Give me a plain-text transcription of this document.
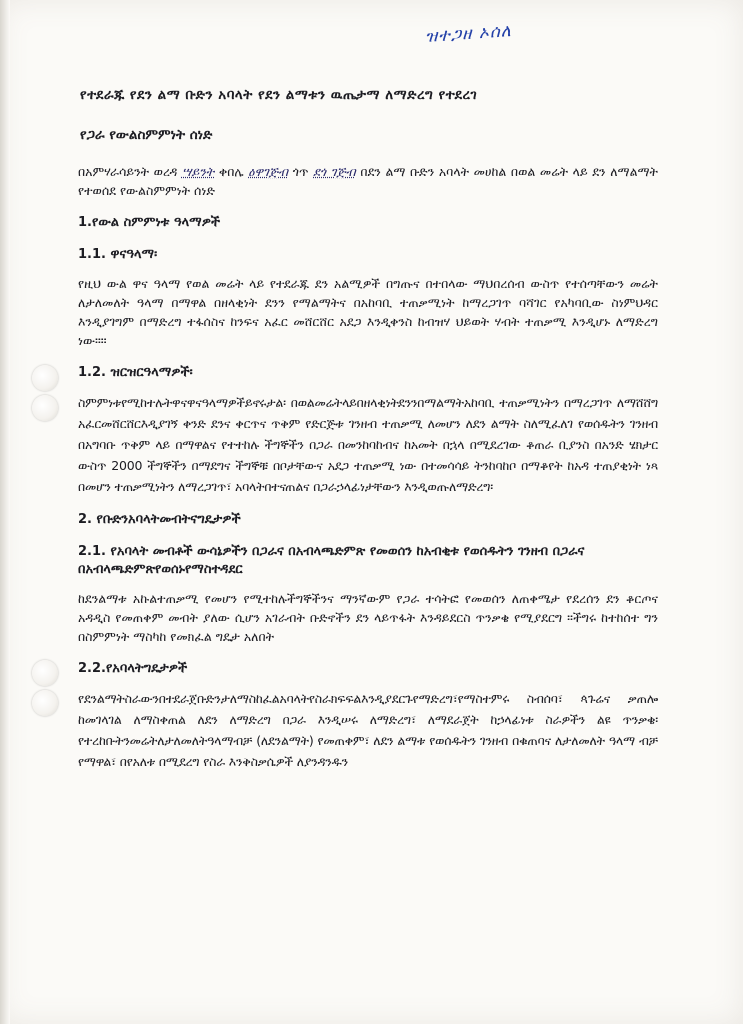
ዝተጋዘ ኦሰለ
የተደራጁ የደን ልማ ቡድን አባላት የደን ልማቱን ዉጤታማ ለማድረግ የተደረገ
የጋራ የውልስምምነት ሰነድ
በአምሃራሳይንት ወረዳ ሣይንት ቀበሌ ዕዋገጅብ ጎጥ ደጎ ገጅብ በደን ልማ ቡድን አባላት መሀከል በወል መሬት ላይ ደን ለማልማት የተወሰደ የውልስምምነት ሰነድ
1.የውል ስምምነቱ ዓላማዎች
1.1. ዋናዓላማ፡
የዚህ ውል ዋና ዓላማ የወል መሬት ላይ የተደራጁ ደን አልሚዎች በግጡና በተበላው ማህበረሰብ ውስጥ የተሰጣቸውን መሬት ለታለመለት ዓላማ በማዋል በዘላቂነት ደንን የማልማትና በአከባቢ ተጠቃሚነት ከማረጋገጥ ባሻገር የአካባቢው ስነምህዳር እንዲያገግም በማድረግ ተፋሰስና ከንፍና አፈር መሸርሸር አደጋ እንዲቀንስ ከብዝሃ ህይወት ሃብት ተጠቃሚ እንዲሆኑ ለማድረግ ነው።።
1.2. ዝርዝርዓላማዎች፡
ስምምነቱየሚከተሉትዋናዋናዓላማዎችይኖሩታል፡ በወልመሬትላይበዘላቂነትደንንበማልማትአከባቢ ተጠቃሚነትን በማረጋገጥ ለማሸሸግ አፈርመሸርሸርእዲያገኝ ቀንድ ደንና ቀርጥና ጥቅም የድርጅቱ ገንዘብ ተጠቃሚ ለመሆን ለደን ልማት ስለሚፈለገ የወሰዱትን ገንዘብ በአግባቡ ጥቅም ላይ በማዋልና የተተከሉ ችግኞችን በጋራ በመንከባከብና ከአመት በኋላ በሚደረገው ቆጠራ ቢያንስ በአንድ ሄክታር ውስጥ 2000 ችግኞችን በማደግና ችግኞቹ በቦታቸውና አደጋ ተጠቃሚ ነው በተመሳሳይ ትንከባከቦ በማቆየት ከአዳ ተጠያቂነት ነጻ በመሆን ተጠቃሚነትን ለማረጋገጥ፣ አባላትበተናጠልና በጋራኃላፊነታቸውን እንዲወጡለማድረግ፡
2. የቡድንአባላትመብትናግዴታዎች
2.1. የአባላት መብቶች ውሳኔዎችን በጋራና በአብላጫድምጽ የመወሰን ከአብቂቱ የወሰዱትን ገንዘብ በጋራና በአብላጫድምጽየወሰኑየማስተዳደር
ከደንልማቱ አኩልተጠቃሚ የመሆን የሚተከሉችግኞችንና ማንኛውም የጋራ ተሳትፎ የመወሰን ለጠቀሜታ የደረሰን ደን ቆርጦና አዳዲስ የመጠቀም መብት ያለው ሲሆን አገራብት ቡድኖችን ደን ላይጥፋት እንዳይደርስ ጥንቃቄ የሚያደርግ ።ችግሩ ከተከሰተ ግን በስምምነት ማስካከ የመክፈል ግዴታ አለበት
2.2.የአባላትግዴታዎች
የደንልማትስራውንበተደራጀቡድንታለማስከፈልአባላትየስራክፍፍልእንዲያደርጉየማድረግ፣የማስተምሩ ስብሰባ፣ ጳጉሬና ቃጠሎ ከመገላገል ለማስቀጠል ለደን ለማድረግ በጋራ እንዲሠሩ ለማድረግ፣ ለማደራጀት ከኃላፊነቱ ስራዎችን ልዩ ጥንቃቄ፡ የተረከቡትንመሬትለታለመለትዓላማብቻ (ለደንልማት) የመጠቀም፣ ለደን ልማቱ የወሰዱትን ገንዘብ በቁጠባና ለታለመለት ዓላማ ብቻ የማዋል፣ በየአለቱ በሚደረግ የስራ እንቅስቃሴዎች ለያንዳንዱን
